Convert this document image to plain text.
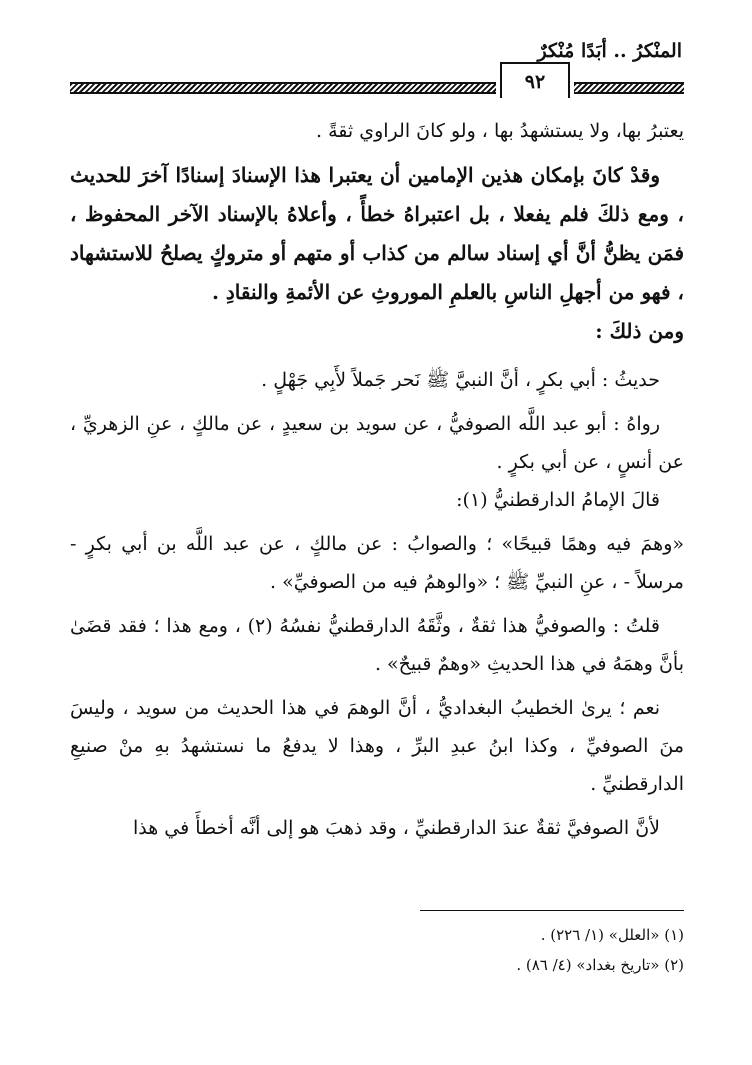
المنْكرُ .. أبَدًا مُنْكرٌ
٩٢

يعتبرُ بها، ولا يستشهدُ بها ، ولو كانَ الراوي ثقةً .

وقدْ كانَ بإمكان هذين الإمامين أن يعتبرا هذا الإسنادَ إسنادًا آخرَ للحديث ، ومع ذلكَ فلم يفعلا ، بل اعتبراهُ خطأً ، وأعلاهُ بالإسناد الآخر المحفوظ ، فمَن يظنُّ أنَّ أي إسناد سالم من كذاب أو متهم أو متروكٍ يصلحُ للاستشهاد ، فهو من أجهلِ الناسِ بالعلمِ الموروثِ عن الأئمةِ والنقادِ .

ومن ذلكَ :

حديثُ : أبي بكرٍ ، أنَّ النبيَّ ﷺ نَحر جَملاً لأَبِي جَهْلٍ .

رواهُ : أبو عبد اللَّه الصوفيُّ ، عن سويد بن سعيدٍ ، عن مالكٍ ، عنِ الزهريِّ ، عن أنسٍ ، عن أبي بكرٍ .

قالَ الإمامُ الدارقطنيُّ (١):

«وهمَ فيه وهمًا قبيحًا» ؛ والصوابُ : عن مالكٍ ، عن عبد اللَّه بن أبي بكرٍ - مرسلاً - ، عنِ النبيِّ ﷺ ؛ «والوهمُ فيه من الصوفيِّ» .

قلتُ : والصوفيُّ هذا ثقةٌ ، وثَّقَهُ الدارقطنيُّ نفسُهُ (٢) ، ومع هذا ؛ فقد قضَىٰ بأنَّ وهمَهُ في هذا الحديثِ «وهمٌ قبيحٌ» .

نعم ؛ يرىٰ الخطيبُ البغداديُّ ، أنَّ الوهمَ في هذا الحديث من سويد ، وليسَ منَ الصوفيِّ ، وكذا ابنُ عبدِ البرِّ ، وهذا لا يدفعُ ما نستشهدُ بهِ منْ صنيعِ الدارقطنيِّ .

لأنَّ الصوفيَّ ثقةٌ عندَ الدارقطنيِّ ، وقد ذهبَ هو إلى أنَّه أخطأَ في هذا

(١) «العلل» (١/ ٢٢٦) .

(٢) «تاريخ بغداد» (٤/ ٨٦) .
